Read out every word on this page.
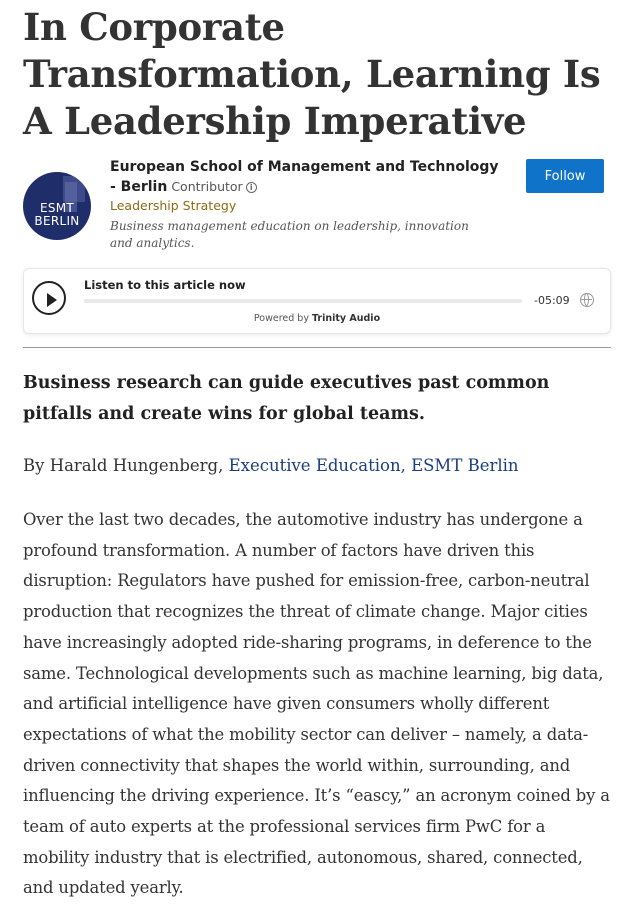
In Corporate Transformation, Learning Is A Leadership Imperative
ESMT
BERLIN
European School of Management and Technology - Berlin Contributor i
Leadership Strategy
Business management education on leadership, innovation and analytics.
Follow
Listen to this article now
-05:09
Powered by Trinity Audio

Business research can guide executives past common pitfalls and create wins for global teams.

By Harald Hungenberg, Executive Education, ESMT Berlin

Over the last two decades, the automotive industry has undergone a profound transformation. A number of factors have driven this disruption: Regulators have pushed for emission-free, carbon-neutral production that recognizes the threat of climate change. Major cities have increasingly adopted ride-sharing programs, in deference to the same. Technological developments such as machine learning, big data, and artificial intelligence have given consumers wholly different expectations of what the mobility sector can deliver – namely, a data-driven connectivity that shapes the world within, surrounding, and influencing the driving experience. It’s “eascy,” an acronym coined by a team of auto experts at the professional services firm PwC for a mobility industry that is electrified, autonomous, shared, connected, and updated yearly.
